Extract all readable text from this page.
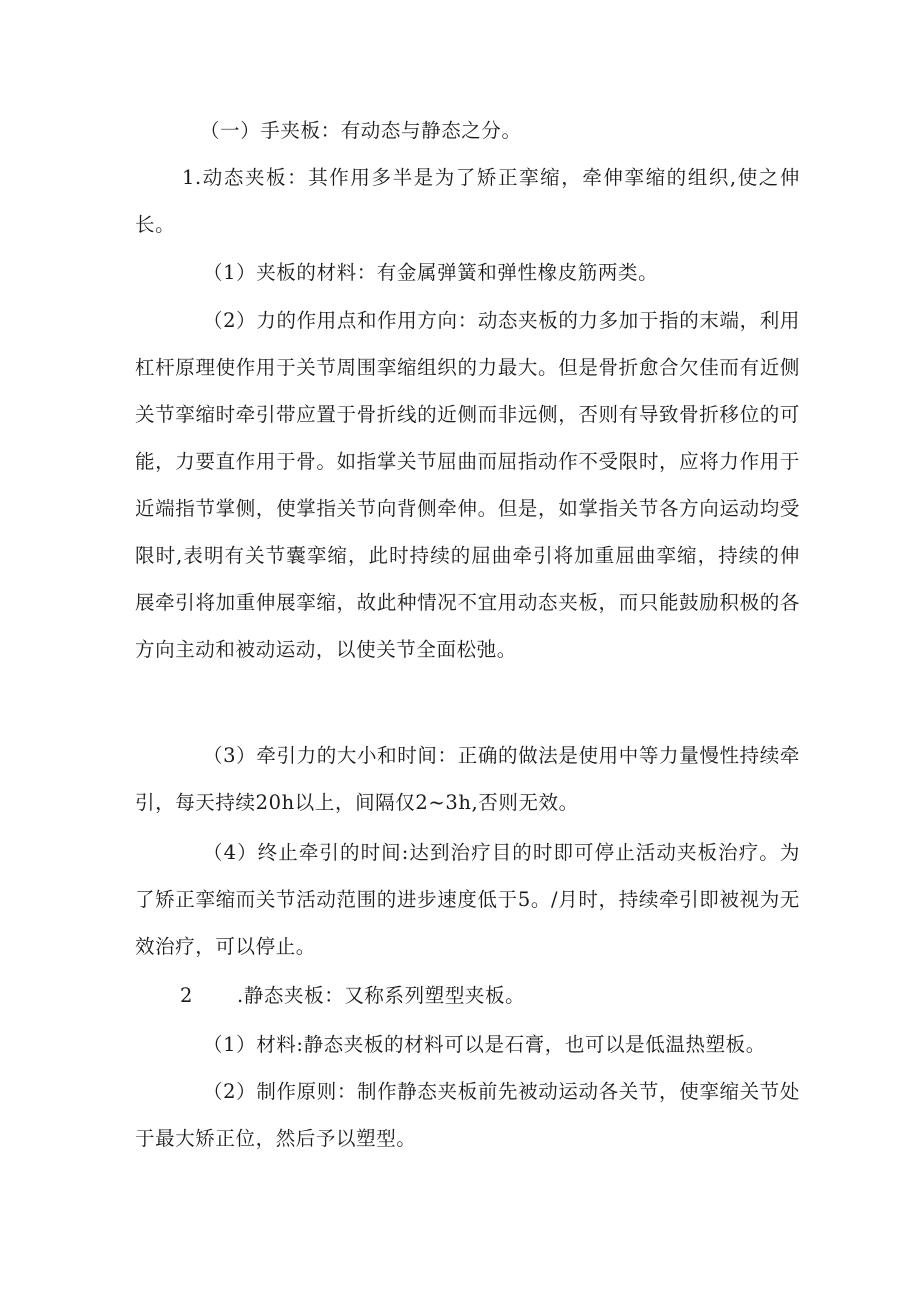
（一）手夹板：有动态与静态之分。

1.动态夹板：其作用多半是为了矫正挛缩，牵伸挛缩的组织,使之伸长。

（1）夹板的材料：有金属弹簧和弹性橡皮筋两类。

（2）力的作用点和作用方向：动态夹板的力多加于指的末端，利用杠杆原理使作用于关节周围挛缩组织的力最大。但是骨折愈合欠佳而有近侧关节挛缩时牵引带应置于骨折线的近侧而非远侧，否则有导致骨折移位的可能，力要直作用于骨。如指掌关节屈曲而屈指动作不受限时，应将力作用于近端指节掌侧，使掌指关节向背侧牵伸。但是，如掌指关节各方向运动均受限时,表明有关节囊挛缩，此时持续的屈曲牵引将加重屈曲挛缩，持续的伸展牵引将加重伸展挛缩，故此种情况不宜用动态夹板，而只能鼓励积极的各方向主动和被动运动，以使关节全面松弛。

（3）牵引力的大小和时间：正确的做法是使用中等力量慢性持续牵引，每天持续20h以上，间隔仅2~3h,否则无效。

（4）终止牵引的时间:达到治疗目的时即可停止活动夹板治疗。为了矫正挛缩而关节活动范围的进步速度低于5。/月时，持续牵引即被视为无效治疗，可以停止。

2 .静态夹板：又称系列塑型夹板。

（1）材料:静态夹板的材料可以是石膏，也可以是低温热塑板。

（2）制作原则：制作静态夹板前先被动运动各关节，使挛缩关节处于最大矫正位，然后予以塑型。
